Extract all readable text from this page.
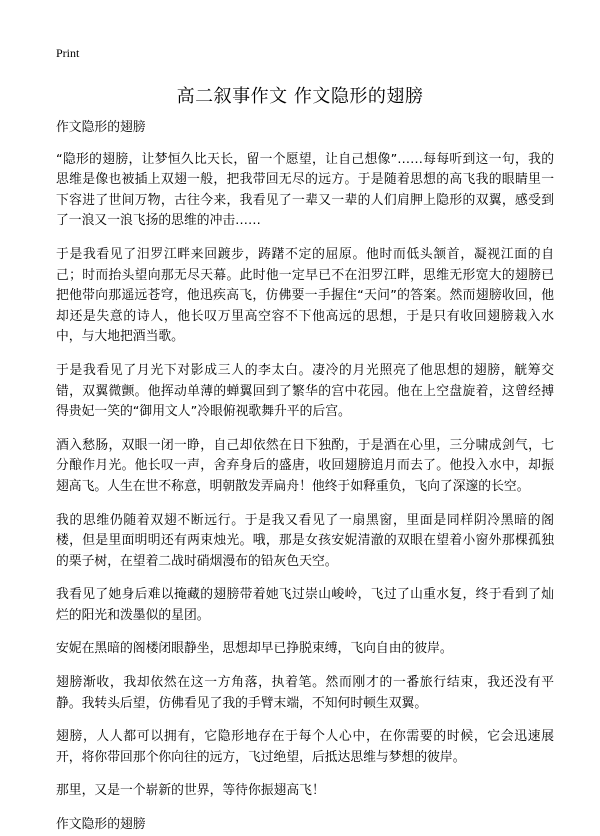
Print
高二叙事作文 作文隐形的翅膀

作文隐形的翅膀

“隐形的翅膀，让梦恒久比天长，留一个愿望，让自己想像”……每每听到这一句，我的思维是像也被插上双翅一般，把我带回无尽的远方。于是随着思想的高飞我的眼睛里一下容进了世间万物，古往今来，我看见了一辈又一辈的人们肩胛上隐形的双翼，感受到了一浪又一浪飞扬的思维的冲击……

于是我看见了汨罗江畔来回踱步，踌躇不定的屈原。他时而低头颔首，凝视江面的自己；时而抬头望向那无尽天幕。此时他一定早已不在汨罗江畔，思维无形宽大的翅膀已把他带向那遥远苍穹，他迅疾高飞，仿佛要一手握住“天问”的答案。然而翅膀收回，他却还是失意的诗人，他长叹万里高空容不下他高远的思想，于是只有收回翅膀栽入水中，与大地把酒当歌。

于是我看见了月光下对影成三人的李太白。凄冷的月光照亮了他思想的翅膀，觥筹交错，双翼微颤。他挥动单薄的蝉翼回到了繁华的宫中花园。他在上空盘旋着，这曾经搏得贵妃一笑的“御用文人”冷眼俯视歌舞升平的后宫。

酒入愁肠，双眼一闭一睁，自己却依然在日下独酌，于是酒在心里，三分啸成剑气，七分酿作月光。他长叹一声，舍弃身后的盛唐，收回翅膀追月而去了。他投入水中，却振翅高飞。人生在世不称意，明朝散发弄扁舟！他终于如释重负，飞向了深邃的长空。

我的思维仍随着双翅不断远行。于是我又看见了一扇黑窗，里面是同样阴冷黑暗的阁楼，但是里面明明还有两束烛光。哦，那是女孩安妮清澈的双眼在望着小窗外那棵孤独的栗子树，在望着二战时硝烟漫布的铅灰色天空。

我看见了她身后难以掩藏的翅膀带着她飞过崇山峻岭，飞过了山重水复，终于看到了灿烂的阳光和泼墨似的星团。

安妮在黑暗的阁楼闭眼静坐，思想却早已挣脱束缚，飞向自由的彼岸。

翅膀渐收，我却依然在这一方角落，执着笔。然而刚才的一番旅行结束，我还没有平静。我转头后望，仿佛看见了我的手臂末端，不知何时顿生双翼。

翅膀，人人都可以拥有，它隐形地存在于每个人心中，在你需要的时候，它会迅速展开，将你带回那个你向往的远方，飞过绝望，后抵达思维与梦想的彼岸。

那里，又是一个崭新的世界，等待你振翅高飞！

作文隐形的翅膀
